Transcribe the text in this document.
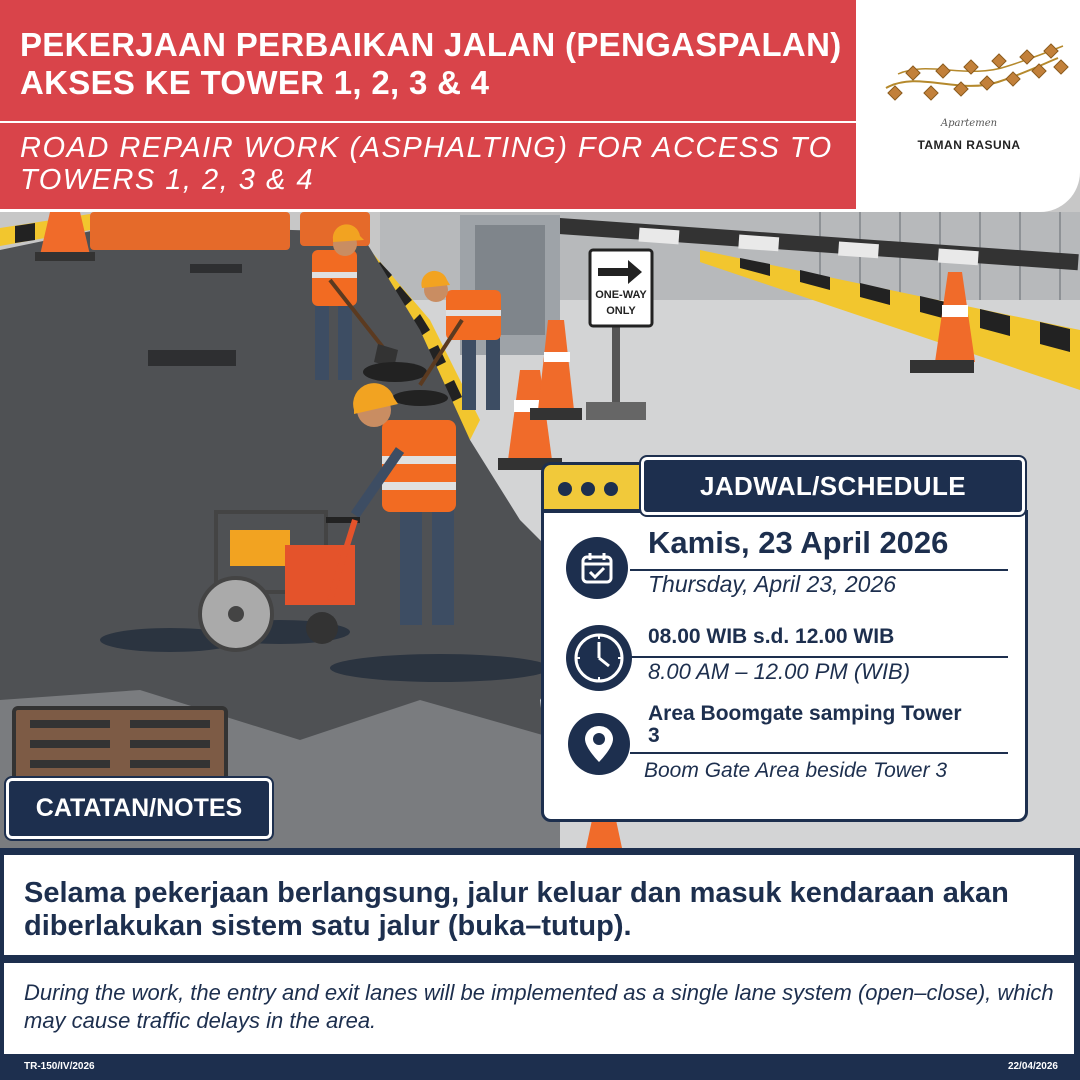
ONE-WAY
ONLY
PEKERJAAN PERBAIKAN JALAN (PENGASPALAN) AKSES KE TOWER 1, 2, 3 & 4
ROAD REPAIR WORK (ASPHALTING) FOR ACCESS TO TOWERS 1, 2, 3 & 4
Apartemen
TAMAN RASUNA
Kamis, 23 April 2026
Thursday, April 23, 2026
08.00 WIB s.d. 12.00 WIB
8.00 AM – 12.00 PM (WIB)
Area Boomgate samping Tower 3
Boom Gate Area beside Tower 3
JADWAL/SCHEDULE
Selama pekerjaan berlangsung, jalur keluar dan masuk kendaraan akan diberlakukan sistem satu jalur (buka–tutup).
During the work, the entry and exit lanes will be implemented as a single lane system (open–close), which may cause traffic delays in the area.
CATATAN/NOTES
TR-150/IV/2026	22/04/2026
